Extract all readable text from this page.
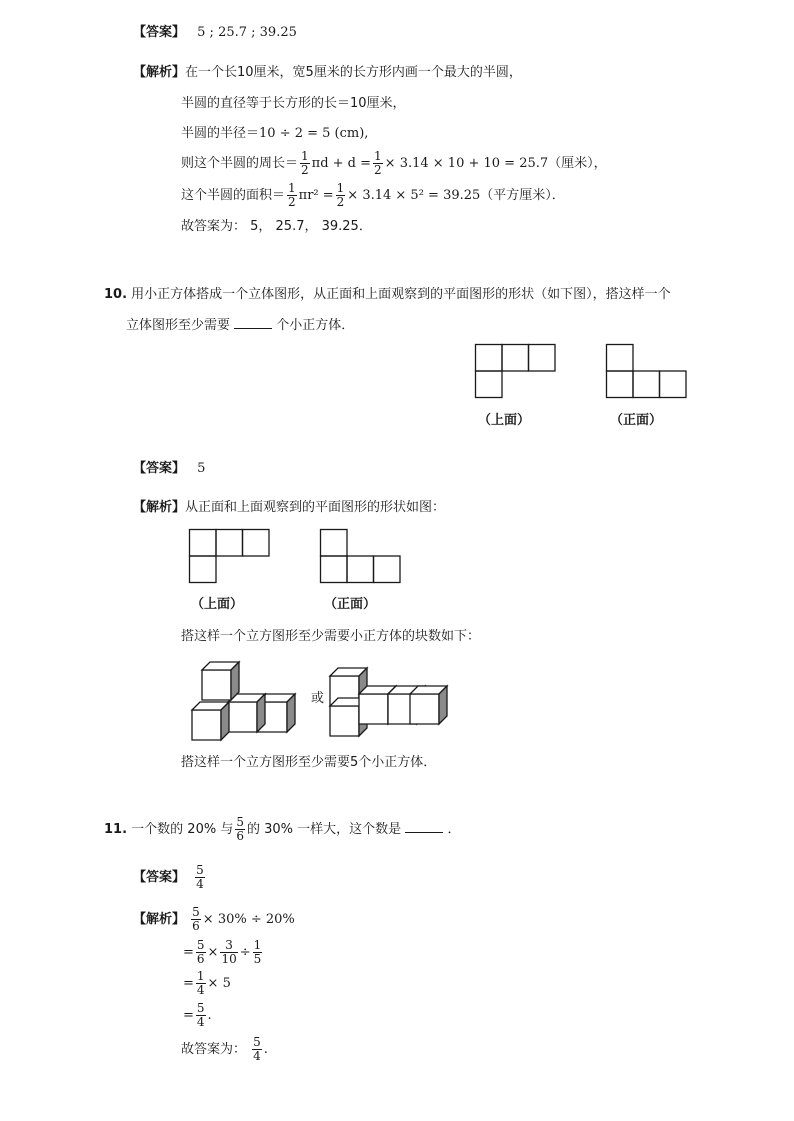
【答案】 5 ; 25.7 ; 39.25
【解析】在一个长10厘米，宽5厘米的长方形内画一个最大的半圆，
半圆的直径等于长方形的长＝10厘米，
半圆的半径＝10 ÷ 2 = 5 (cm),
则这个半圆的周长＝ $\frac{1}{2}$ $\pi d + d = \frac{1}{2} \times 3.14 \times 10 + 10 = 25.7$（厘米），
这个半圆的面积＝ $\frac{1}{2} \pi r^2 = \frac{1}{2} \times 3.14 \times 5^2 = 39.25$（平方厘米）．
故答案为： 5， 25.7， 39.25．
10. 用小正方体搭成一个立体图形，从正面和上面观察到的平面图形的形状（如下图），搭这样一个
立体图形至少需要	个小正方体．
（上面）	（正面）
【答案】 5
【解析】从正面和上面观察到的平面图形的形状如图：
（上面）	（正面）
搭这样一个立方图形至少需要小正方体的块数如下：
或
搭这样一个立方图形至少需要5个小正方体．
11. 一个数的 20% 与 $\frac{5}{6}$ 的 30% 一样大，这个数是	．
【答案】 $\frac{5}{4}$
【解析】 $\frac{5}{6} \times 30\% \div 20\%$
= $\frac{5}{6} \times \frac{3}{10} \div \frac{1}{5}$
= $\frac{1}{4} \times 5$
= $\frac{5}{4}$ .
故答案为： $\frac{5}{4}$ .
